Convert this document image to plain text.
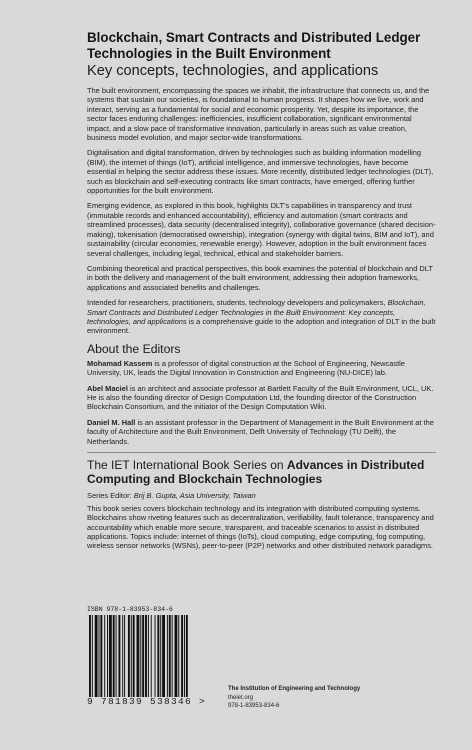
Blockchain, Smart Contracts and Distributed Ledger Technologies in the Built Environment
Key concepts, technologies, and applications

The built environment, encompassing the spaces we inhabit, the infrastructure that connects us, and the systems that sustain our societies, is foundational to human progress. It shapes how we live, work and interact, serving as a fundamental for social and economic prosperity. Yet, despite its importance, the sector faces enduring challenges: inefficiencies, insufficient collaboration, significant environmental impact, and a slow pace of transformative innovation, particularly in areas such as value creation, business model evolution, and major sector-wide transformations.

Digitalisation and digital transformation, driven by technologies such as building information modelling (BIM), the internet of things (IoT), artificial intelligence, and immersive technologies, have become essential in helping the sector address these issues. More recently, distributed ledger technologies (DLT), such as blockchain and self-executing contracts like smart contracts, have emerged, offering further opportunities for the built environment.

Emerging evidence, as explored in this book, highlights DLT's capabilities in transparency and trust (immutable records and enhanced accountability), efficiency and automation (smart contracts and streamlined processes), data security (decentralised integrity), collaborative governance (shared decision-making), tokenisation (democratised ownership), integration (synergy with digital twins, BIM and IoT), and sustainability (circular economies, renewable energy). However, adoption in the built environment faces several challenges, including legal, technical, ethical and stakeholder barriers.

Combining theoretical and practical perspectives, this book examines the potential of blockchain and DLT in both the delivery and management of the built environment, addressing their adoption frameworks, applications and associated benefits and challenges.

Intended for researchers, practitioners, students, technology developers and policymakers, Blockchain, Smart Contracts and Distributed Ledger Technologies in the Built Environment: Key concepts, technologies, and applications is a comprehensive guide to the adoption and integration of DLT in the built environment.

About the Editors

Mohamad Kassem is a professor of digital construction at the School of Engineering, Newcastle University, UK, leads the Digital Innovation in Construction and Engineering (NU-DICE) lab.

Abel Maciel is an architect and associate professor at Bartlett Faculty of the Built Environment, UCL, UK. He is also the founding director of Design Computation Ltd, the founding director of the Construction Blockchain Consortium, and the initiator of the Design Computation Wiki.

Daniel M. Hall is an assistant professor in the Department of Management in the Built Environment at the faculty of Architecture and the Built Environment, Delft University of Technology (TU Delft), the Netherlands.

The IET International Book Series on Advances in Distributed Computing and Blockchain Technologies
Series Editor: Brij B. Gupta, Asia University, Taiwan

This book series covers blockchain technology and its integration with distributed computing systems. Blockchains show riveting features such as decentralization, verifiability, fault tolerance, transparency and accountability which enable more secure, transparent, and traceable scenarios to assist in distributed applications. Topics include: internet of things (IoTs), cloud computing, edge computing, fog computing, wireless sensor networks (WSNs), peer-to-peer (P2P) networks and other distributed network paradigms.

ISBN 978-1-83953-834-6
9 781839 538346 >
The Institution of Engineering and Technology
theiet.org
978-1-83953-834-6
